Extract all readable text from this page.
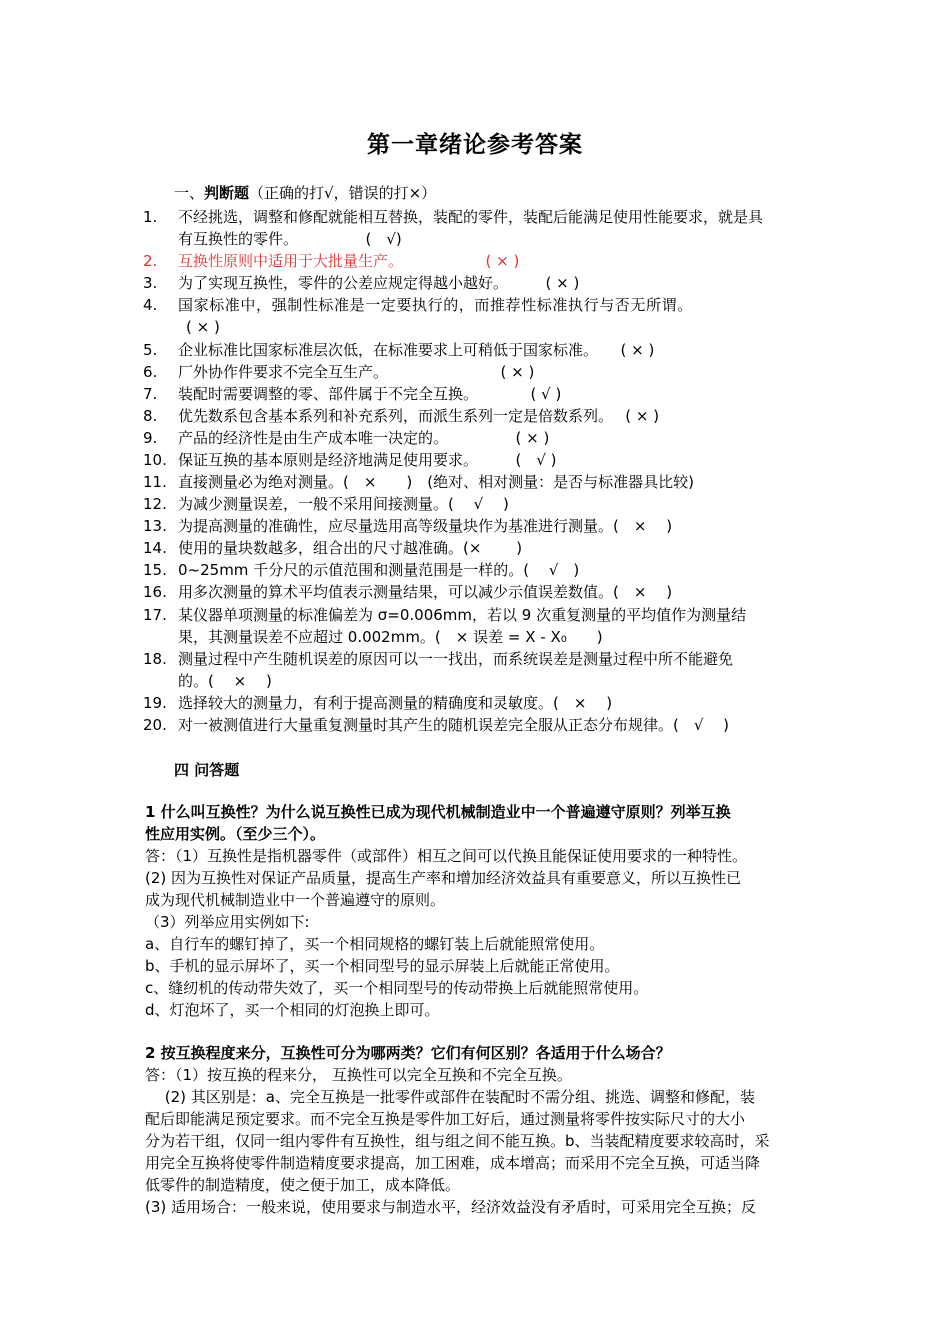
第一章绪论参考答案
一、判断题（正确的打√，错误的打×）
1. 不经挑选，调整和修配就能相互替换，装配的零件，装配后能满足使用性能要求，就是具
有互换性的零件。　　　　　(　√)
2. 互换性原则中适用于大批量生产。　　　　　　( × )
3. 为了实现互换性，零件的公差应规定得越小越好。　　　( × )
4. 国家标准中，强制性标准是一定要执行的，而推荐性标准执行与否无所谓。
( × )
5. 企业标准比国家标准层次低，在标准要求上可稍低于国家标准。　　( × )
6. 厂外协作件要求不完全互生产。　　　　　　　　( × )
7. 装配时需要调整的零、部件属于不完全互换。　　　　( √ )
8. 优先数系包含基本系列和补充系列，而派生系列一定是倍数系列。　 ( × )
9. 产品的经济性是由生产成本唯一决定的。　　　　　( × )
10. 保证互换的基本原则是经济地满足使用要求。　　　(　√ )
11. 直接测量必为绝对测量。(　×　　)　(绝对、相对测量：是否与标准器具比较)
12. 为减少测量误差，一般不采用间接测量。(　 √　 )
13. 为提高测量的准确性，应尽量选用高等级量块作为基准进行测量。(　×　 )
14. 使用的量块数越多，组合出的尺寸越准确。(×　　 )
15. 0~25mm 千分尺的示值范围和测量范围是一样的。(　 √　)
16. 用多次测量的算术平均值表示测量结果，可以减少示值误差数值。(　×　 )
17. 某仪器单项测量的标准偏差为 σ=0.006mm，若以 9 次重复测量的平均值作为测量结
果，其测量误差不应超过 0.002mm。(　× 误差 = X - X₀　　)
18. 测量过程中产生随机误差的原因可以一一找出，而系统误差是测量过程中所不能避免
的。(　 ×　 )
19. 选择较大的测量力，有利于提高测量的精确度和灵敏度。(　×　 )
20. 对一被测值进行大量重复测量时其产生的随机误差完全服从正态分布规律。(　√　 )
四 问答题
1 什么叫互换性？为什么说互换性已成为现代机械制造业中一个普遍遵守原则？列举互换
性应用实例。（至少三个）。
答：（1）互换性是指机器零件（或部件）相互之间可以代换且能保证使用要求的一种特性。
(2) 因为互换性对保证产品质量，提高生产率和增加经济效益具有重要意义，所以互换性已
成为现代机械制造业中一个普遍遵守的原则。
（3）列举应用实例如下:
a、自行车的螺钉掉了，买一个相同规格的螺钉装上后就能照常使用。
b、手机的显示屏坏了，买一个相同型号的显示屏装上后就能正常使用。
c、缝纫机的传动带失效了，买一个相同型号的传动带换上后就能照常使用。
d、灯泡坏了，买一个相同的灯泡换上即可。
2 按互换程度来分，互换性可分为哪两类？它们有何区别？各适用于什么场合？
答：（1）按互换的程来分， 互换性可以完全互换和不完全互换。
　 (2) 其区别是：a、完全互换是一批零件或部件在装配时不需分组、挑选、调整和修配，装
配后即能满足预定要求。而不完全互换是零件加工好后，通过测量将零件按实际尺寸的大小
分为若干组，仅同一组内零件有互换性，组与组之间不能互换。b、当装配精度要求较高时，采
用完全互换将使零件制造精度要求提高，加工困难，成本增高；而采用不完全互换，可适当降
低零件的制造精度，使之便于加工，成本降低。
(3) 适用场合：一般来说，使用要求与制造水平，经济效益没有矛盾时，可采用完全互换；反
